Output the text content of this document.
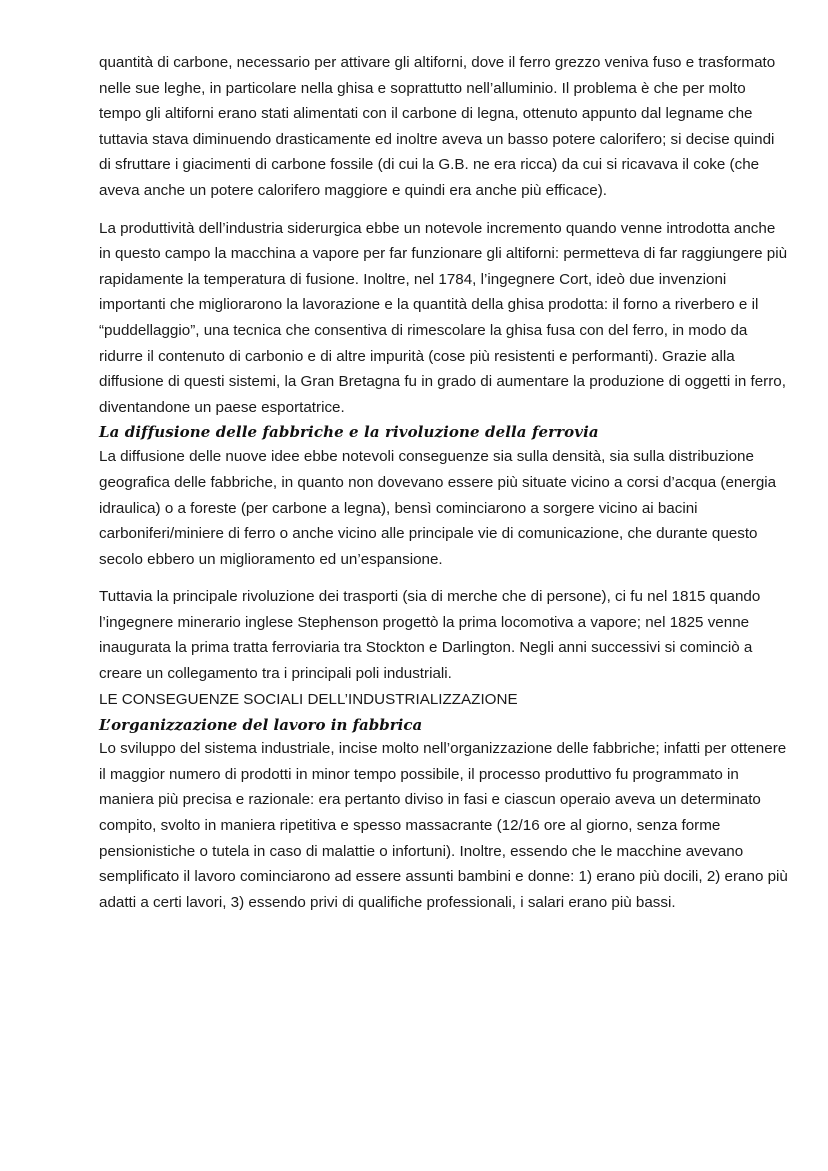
quantità di carbone, necessario per attivare gli altiforni, dove il ferro grezzo veniva fuso e trasformato nelle sue leghe, in particolare nella ghisa e soprattutto nell’alluminio. Il problema è che per molto tempo gli altiforni erano stati alimentati con il carbone di legna, ottenuto appunto dal legname che tuttavia stava diminuendo drasticamente ed inoltre aveva un basso potere calorifero; si decise quindi di sfruttare i giacimenti di carbone fossile (di cui la G.B. ne era ricca) da cui si ricavava il coke (che aveva anche un potere calorifero maggiore e quindi era anche più efficace).

La produttività dell’industria siderurgica ebbe un notevole incremento quando venne introdotta anche in questo campo la macchina a vapore per far funzionare gli altiforni: permetteva di far raggiungere più rapidamente la temperatura di fusione. Inoltre, nel 1784, l’ingegnere Cort, ideò due invenzioni importanti che migliorarono la lavorazione e la quantità della ghisa prodotta: il forno a riverbero e il “puddellaggio”, una tecnica che consentiva di rimescolare la ghisa fusa con del ferro, in modo da ridurre il contenuto di carbonio e di altre impurità (cose più resistenti e performanti). Grazie alla diffusione di questi sistemi, la Gran Bretagna fu in grado di aumentare la produzione di oggetti in ferro, diventandone un paese esportatrice.

La diffusione delle fabbriche e la rivoluzione della ferrovia

La diffusione delle nuove idee ebbe notevoli conseguenze sia sulla densità, sia sulla distribuzione geografica delle fabbriche, in quanto non dovevano essere più situate vicino a corsi d’acqua (energia idraulica) o a foreste (per carbone a legna), bensì cominciarono a sorgere vicino ai bacini carboniferi/miniere di ferro o anche vicino alle principale vie di comunicazione, che durante questo secolo ebbero un miglioramento ed un’espansione.

Tuttavia la principale rivoluzione dei trasporti (sia di merche che di persone), ci fu nel 1815 quando l’ingegnere minerario inglese Stephenson progettò la prima locomotiva a vapore; nel 1825 venne inaugurata la prima tratta ferroviaria tra Stockton e Darlington. Negli anni successivi si cominciò a creare un collegamento tra i principali poli industriali.

LE CONSEGUENZE SOCIALI DELL’INDUSTRIALIZZAZIONE
L’organizzazione del lavoro in fabbrica

Lo sviluppo del sistema industriale, incise molto nell’organizzazione delle fabbriche; infatti per ottenere il maggior numero di prodotti in minor tempo possibile, il processo produttivo fu programmato in maniera più precisa e razionale: era pertanto diviso in fasi e ciascun operaio aveva un determinato compito, svolto in maniera ripetitiva e spesso massacrante (12/16 ore al giorno, senza forme pensionistiche o tutela in caso di malattie o infortuni). Inoltre, essendo che le macchine avevano semplificato il lavoro cominciarono ad essere assunti bambini e donne: 1) erano più docili, 2) erano più adatti a certi lavori, 3) essendo privi di qualifiche professionali, i salari erano più bassi.
